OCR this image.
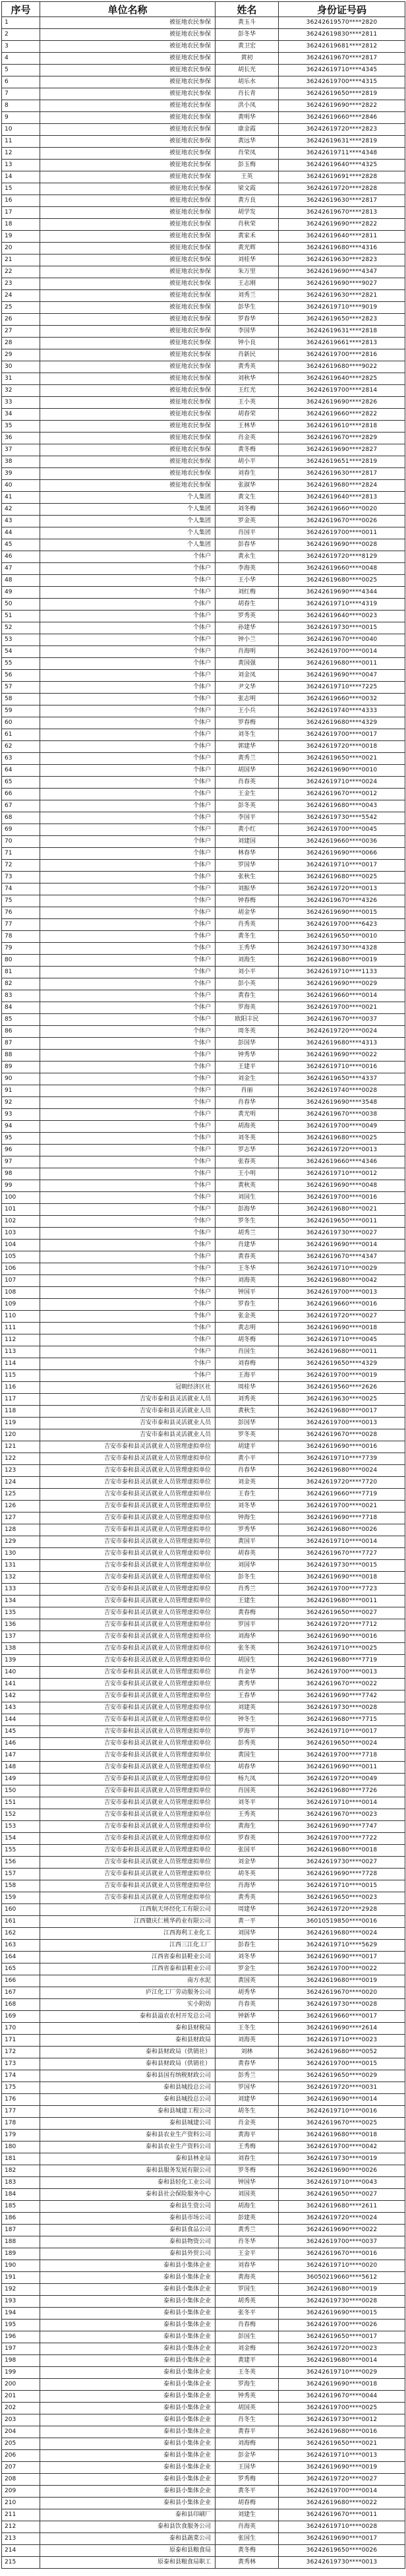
序号	单位名称	姓名	身份证号码
1	被征地农民参保	黄玉斗	36242619570****2820
2	被征地农民参保	彭冬华	36242619830****2811
3	被征地农民参保	黄卫宏	36242619681****2812
4	被征地农民参保	黄初	36242619670****2817
5	被征地农民参保	胡长光	36242619710****4345
6	被征地农民参保	胡乐水	36242619700****4315
7	被征地农民参保	肖长青	36242619650****2819
8	被征地农民参保	洪小凤	36242619690****2822
9	被征地农民参保	黄明华	36242619660****2846
10	被征地农民参保	康金霞	36242619720****2823
11	被征地农民参保	黄远华	36242619631****2819
12	被征地农民参保	肖荣凤	36242619711****4348
13	被征地农民参保	彭玉梅	36242619640****4325
14	被征地农民参保	王英	36242619691****2828
15	被征地农民参保	梁文霞	36242619720****2828
16	被征地农民参保	黄方良	36242619630****2817
17	被征地农民参保	胡学发	36242619670****2813
18	被征地农民参保	肖秋荣	36242619690****2822
19	被征地农民参保	黄家禾	36242619640****2811
20	被征地农民参保	黄光辉	36242619680****4316
21	被征地农民参保	刘桂华	36242619630****2823
22	被征地农民参保	朱万里	36242619690****4347
23	被征地农民参保	王志刚	36242619690****9027
24	被征地农民参保	刘秀兰	36242619630****2821
25	被征地农民参保	彭华生	36242619710****9019
26	被征地农民参保	罗春华	36242619650****2823
27	被征地农民参保	李国华	36242619631****2818
28	被征地农民参保	钟小良	36242619661****2813
29	被征地农民参保	肖新民	36242619700****2816
30	被征地农民参保	黄秀英	36242619680****9022
31	被征地农民参保	刘秋华	36242619640****2825
32	被征地农民参保	王红光	36242619700****2814
33	被征地农民参保	王小英	36242619690****2826
34	被征地农民参保	胡春荣	36242619660****2822
35	被征地农民参保	王林华	36242619610****2818
36	被征地农民参保	肖金英	36242619670****2829
37	被征地农民参保	黄冬梅	36242619690****2827
38	被征地农民参保	胡小平	36242619651****2819
39	被征地农民参保	刘春生	36242619630****2817
40	被征地农民参保	张淑华	36242619680****2824
41	个人集团	黄文生	36242619640****2813
42	个人集团	刘冬梅	36242619660****0020
43	个人集团	罗金英	36242619670****0026
44	个人集团	肖国平	36242619700****0011
45	个人集团	彭春华	36242619690****0028
46	个体户	黄永生	36242619720****8129
47	个体户	李海英	36242619660****0048
48	个体户	王小华	36242619680****0025
49	个体户	刘红梅	36242619690****4344
50	个体户	胡春生	36242619710****4319
51	个体户	罗秀英	36242619640****0023
52	个体户	孙建华	36242619730****0015
53	个体户	钟小兰	36242619670****0040
54	个体户	肖海明	36242619700****0014
55	个体户	黄国强	36242619680****0011
56	个体户	刘金凤	36242619690****0047
57	个体户	尹文华	36242619710****7225
58	个体户	张志明	36242619660****0032
59	个体户	王小兵	36242619740****4333
60	个体户	罗春梅	36242619680****4329
61	个体户	刘冬生	36242619700****0017
62	个体户	郭建华	36242619720****0018
63	个体户	黄秀兰	36242619650****0021
64	个体户	胡国华	36242619690****0010
65	个体户	肖春英	36242619710****0024
66	个体户	王金生	36242619670****0012
67	个体户	彭冬英	36242619680****0043
68	个体户	李国平	36242619730****5542
69	个体户	黄小红	36242619700****0045
70	个体户	刘建国	36242619660****0036
71	个体户	林春华	36242619690****0066
72	个体户	罗国华	36242619710****0017
73	个体户	张秋生	36242619680****0025
74	个体户	刘振华	36242619720****0013
75	个体户	钟春梅	36242619670****4326
76	个体户	胡金华	36242619690****0015
77	个体户	肖秀英	36242619700****6423
78	个体户	黄冬生	36242619650****0010
79	个体户	王秀华	36242619730****4328
80	个体户	刘海生	36242619680****0019
81	个体户	刘小平	36242619710****1133
82	个体户	彭小英	36242619690****0029
83	个体户	黄春生	36242619660****0014
84	个体户	罗海英	36242619700****0021
85	个体户	欧阳丰民	36242619670****0037
86	个体户	周冬英	36242619720****0024
87	个体户	彭国华	36242619680****4313
88	个体户	钟秀华	36242619690****0022
89	个体户	王建平	36242619710****0016
90	个体户	刘金生	36242619650****4337
91	个体户	肖丽	36242619740****0028
92	个体户	肖春华	36242619690****3548
93	个体户	黄光明	36242619670****0038
94	个体户	胡海英	36242619700****0049
95	个体户	刘冬英	36242619680****0025
96	个体户	罗志华	36242619720****0013
97	个体户	张春英	36242619660****4346
98	个体户	王小明	36242619710****0012
99	个体户	黄秋英	36242619690****0048
100	个体户	刘国生	36242619700****0016
101	个体户	彭海华	36242619680****0021
102	个体户	罗冬生	36242619650****0011
103	个体户	胡秀兰	36242619730****0027
104	个体户	肖建华	36242619690****0014
105	个体户	黄春英	36242619670****4347
106	个体户	王冬华	36242619710****0029
107	个体户	刘海英	36242619680****0042
108	个体户	钟国平	36242619700****0013
109	个体户	罗春生	36242619660****0016
110	个体户	张金英	36242619720****0027
111	个体户	黄志明	36242619690****0018
112	个体户	胡冬梅	36242619710****0045
113	个体户	肖国生	36242619680****0011
114	个体户	刘春梅	36242619650****4329
115	个体户	王海平	36242619700****0019
116	冠朝经济区社	周桂华	36242619560****2626
117	吉安市泰和县灵活就业人员	刘秀英	36242619630****0025
118	吉安市泰和县灵活就业人员	黄秋生	36242619680****0017
119	吉安市泰和县灵活就业人员	彭国华	36242619700****0013
120	吉安市泰和县灵活就业人员	罗冬英	36242619670****0028
121	吉安市泰和县灵活就业人员管理虚拟单位	胡建平	36242619690****0016
122	吉安市泰和县灵活就业人员管理虚拟单位	黄小平	36242619710****7739
123	吉安市泰和县灵活就业人员管理虚拟单位	肖春华	36242619680****0024
124	吉安市泰和县灵活就业人员管理虚拟单位	刘金英	36242619720****7720
125	吉安市泰和县灵活就业人员管理虚拟单位	王春生	36242619660****7719
126	吉安市泰和县灵活就业人员管理虚拟单位	刘冬华	36242619700****0021
127	吉安市泰和县灵活就业人员管理虚拟单位	钟海生	36242619690****7718
128	吉安市泰和县灵活就业人员管理虚拟单位	罗秀华	36242619680****0026
129	吉安市泰和县灵活就业人员管理虚拟单位	黄国平	36242619710****0014
130	吉安市泰和县灵活就业人员管理虚拟单位	胡春英	36242619670****7727
131	吉安市泰和县灵活就业人员管理虚拟单位	刘国华	36242619730****0015
132	吉安市泰和县灵活就业人员管理虚拟单位	彭冬生	36242619690****0018
133	吉安市泰和县灵活就业人员管理虚拟单位	肖秀兰	36242619700****7723
134	吉安市泰和县灵活就业人员管理虚拟单位	王建生	36242619680****0011
135	吉安市泰和县灵活就业人员管理虚拟单位	黄春梅	36242619650****0027
136	吉安市泰和县灵活就业人员管理虚拟单位	罗国平	36242619720****7712
137	吉安市泰和县灵活就业人员管理虚拟单位	刘海华	36242619690****0016
138	吉安市泰和县灵活就业人员管理虚拟单位	张冬英	36242619710****0025
139	吉安市泰和县灵活就业人员管理虚拟单位	胡国生	36242619680****7719
140	吉安市泰和县灵活就业人员管理虚拟单位	肖金华	36242619700****0013
141	吉安市泰和县灵活就业人员管理虚拟单位	黄秀华	36242619670****0022
142	吉安市泰和县灵活就业人员管理虚拟单位	王春华	36242619690****7742
143	吉安市泰和县灵活就业人员管理虚拟单位	刘建英	36242619730****0028
144	吉安市泰和县灵活就业人员管理虚拟单位	钟冬生	36242619680****7715
145	吉安市泰和县灵活就业人员管理虚拟单位	罗海平	36242619710****0017
146	吉安市泰和县灵活就业人员管理虚拟单位	彭秀英	36242619650****0024
147	吉安市泰和县灵活就业人员管理虚拟单位	黄国生	36242619700****7718
148	吉安市泰和县灵活就业人员管理虚拟单位	胡春华	36242619690****0011
149	吉安市泰和县灵活就业人员管理虚拟单位	杨九凤	36242619720****0049
150	吉安市泰和县灵活就业人员管理虚拟单位	肖国英	36242619680****7726
151	吉安市泰和县灵活就业人员管理虚拟单位	刘冬平	36242619710****0014
152	吉安市泰和县灵活就业人员管理虚拟单位	王秀英	36242619670****0023
153	吉安市泰和县灵活就业人员管理虚拟单位	黄海生	36242619690****7747
154	吉安市泰和县灵活就业人员管理虚拟单位	罗春英	36242619700****7722
155	吉安市泰和县灵活就业人员管理虚拟单位	张国平	36242619680****0018
156	吉安市泰和县灵活就业人员管理虚拟单位	刘金华	36242619730****0027
157	吉安市泰和县灵活就业人员管理虚拟单位	胡冬英	36242619690****7728
158	吉安市泰和县灵活就业人员管理虚拟单位	肖海华	36242619710****0015
159	吉安市泰和县灵活就业人员管理虚拟单位	黄秀英	36242619650****0023
160	江西航天环经化工有限公司	周建华	36242619720****2928
161	江西赣庆仁桃华药业有限公司	黄一平	36010519850****0016
162	江西海利工业化工	刘国华	36242619680****0024
163	江西三江化工厂	彭春生	36242619710****5629
164	江西省泰和县鞋业公司	刘冬华	36242619690****0017
165	江西省泰和县鞋业公司	罗金生	36242619700****0022
166	南方水泥	黄国英	36242619680****0019
167	庐江化工厂劳动服务公司	胡秀华	36242619670****0020
168	实小附幼	肖春英	36242619730****0028
169	泰和县溢农农村开发总公司	钟新华	36242619660****0017
170	泰和县财税局	王冬生	36242619690****2614
171	泰和县财政局	刘海英	36242619710****0023
172	泰和县财政局（供销社）	刘林	36242619680****0052
173	泰和县财政局（供销社）	黄春华	36242619700****0015
174	泰和县国有纳税财政公司	彭秀兰	36242619650****0029
175	泰和县城投总公司	罗国华	36242619720****0031
176	泰和县城投总公司	刘建华	36242619690****0014
177	泰和县城建工程公司	胡冬生	36242619710****0016
178	泰和县城建公司	肖金英	36242619670****0025
179	泰和县农业生产资料公司	黄海平	36242619680****0018
180	泰和县农业生产资料公司	王秀梅	36242619700****0042
181	泰和县林业局	刘春生	36242619730****0019
182	泰和县服务发展有限公司	罗冬梅	36242619690****0026
183	泰和县轻化工业公司	钟国华	36242619710****0043
184	泰和县社会保险服务中心	刘国英	36242619650****0027
185	泰和县生资公司	胡海生	36242619680****2611
186	泰和县市场公司	彭建英	36242619720****0024
187	泰和县食品公司	黄秀兰	36242619690****0022
188	泰和县物资公司	肖冬华	36242619700****0037
189	泰和县外贸公司	王金平	36242619670****0016
190	泰和县小集体企业	刘春华	36242619710****0020
191	泰和县小集体企业	黄海英	36050219660****5612
192	泰和县小集体企业	罗国生	36242619680****0019
193	泰和县小集体企业	胡秀英	36242619730****0028
194	泰和县小集体企业	张冬平	36242619690****0015
195	泰和县小集体企业	肖春梅	36242619700****0026
196	泰和县小集体企业	彭国生	36242619650****0017
197	泰和县小集体企业	刘金梅	36242619720****0023
198	泰和县小集体企业	黄建平	36242619680****0014
199	泰和县小集体企业	王冬英	36242619710****0029
200	泰和县小集体企业	罗海生	36242619690****0018
201	泰和县小集体企业	钟秀英	36242619670****0044
202	泰和县小集体企业	胡国英	36242619700****0025
203	泰和县小集体企业	肖冬生	36242619730****0012
204	泰和县小集体企业	黄春平	36242619680****0016
205	泰和县小集体企业	刘海梅	36242619650****0021
206	泰和县小集体企业	彭金华	36242619710****0013
207	泰和县小集体企业	王国华	36242619690****0019
208	泰和县小集体企业	罗秀梅	36242619720****0027
209	泰和县小集体企业	黄冬平	36242619700****0014
210	泰和县小集体企业	胡春梅	36242619680****0022
211	泰和县印刷厂	刘建生	36242619670****0011
212	泰和县饮食服务公司	肖海英	36242619710****0028
213	泰和县蔬菜公司	张国生	36242619690****0017
214	原泰和县粮食局	黄冬梅	36242619650****0026
215	原泰和县粮食局职工	黄秀林	36242619730****0013
